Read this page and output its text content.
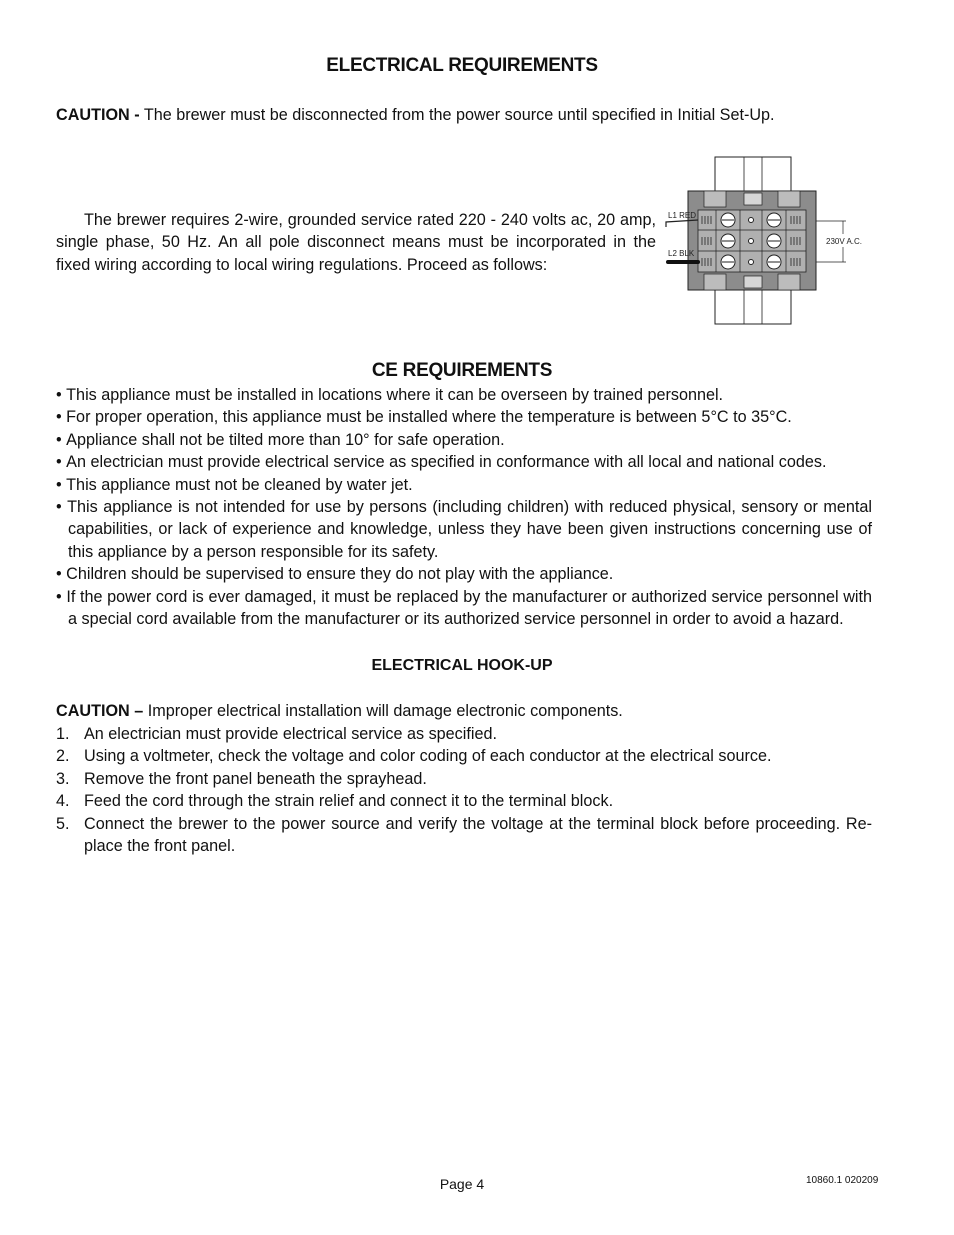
ELECTRICAL REQUIREMENTS
CAUTION - The brewer must be disconnected from the power source until specified in Initial Set-Up.
The brewer requires 2-wire, grounded service rated 220 - 240 volts ac, 20 amp, single phase, 50 Hz. An all pole disconnect means must be incorporated in the fixed wiring according to local wiring regulations. Proceed as follows:
L1 RED
L2 BLK
230V A.C.
CE REQUIREMENTS
• This appliance must be installed in locations where it can be overseen by trained personnel.
• For proper operation, this appliance must be installed where the temperature is between 5°C to 35°C.
• Appliance shall not be tilted more than 10° for safe operation.
• An electrician must provide electrical service as specified in conformance with all local and national codes.
• This appliance must not be cleaned by water jet.
• This appliance is not intended for use by persons (including children) with reduced physical, sensory or mental capabilities, or lack of experience and knowledge, unless they have been given instructions concerning use of this appliance by a person responsible for its safety.
• Children should be supervised to ensure they do not play with the appliance.
• If the power cord is ever damaged, it must be replaced by the manufacturer or authorized service personnel with a special cord available from the manufacturer or its authorized service personnel in order to avoid a hazard.
ELECTRICAL HOOK-UP
CAUTION – Improper electrical installation will damage electronic components.
1. An electrician must provide electrical service as specified.
2. Using a voltmeter, check the voltage and color coding of each conductor at the electrical source.
3. Remove the front panel beneath the sprayhead.
4. Feed the cord through the strain relief and connect it to the terminal block.
5. Connect the brewer to the power source and verify the voltage at the terminal block before proceeding. Re-place the front panel.
Page 4	10860.1 020209
